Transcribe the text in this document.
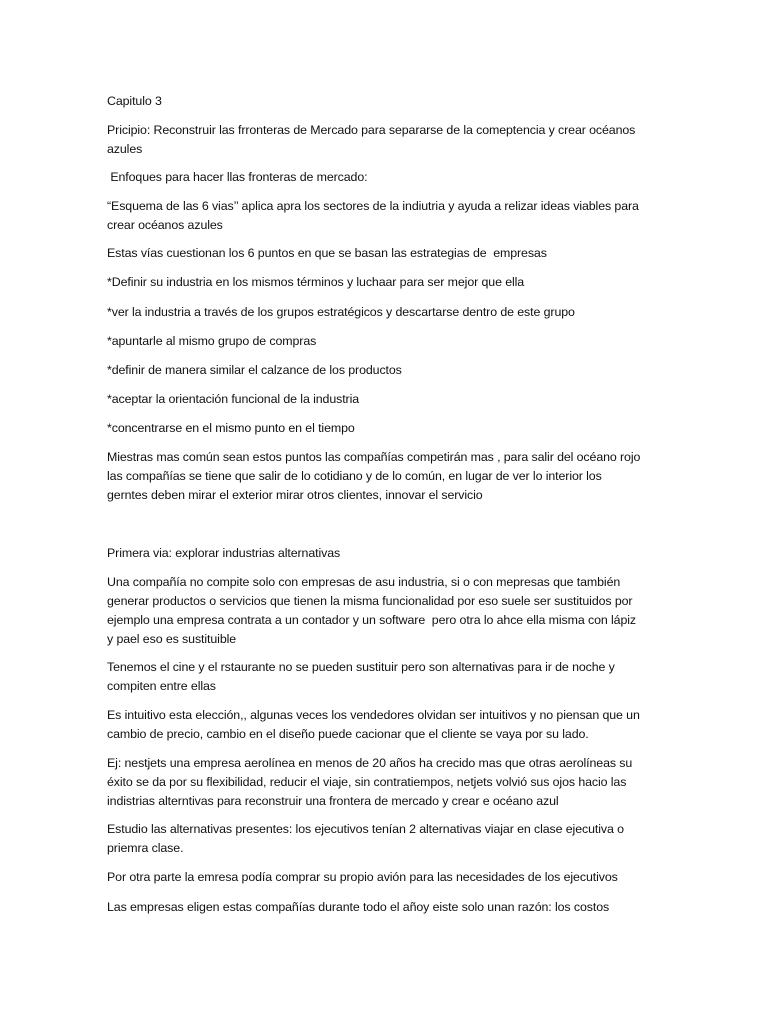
Capitulo 3

Pricipio: Reconstruir las frronteras de Mercado para separarse de la comeptencia y crear océanos
azules

Enfoques para hacer llas fronteras de mercado:

“Esquema de las 6 vias’’ aplica apra los sectores de la indiutria y ayuda a relizar ideas viables para
crear océanos azules

Estas vías cuestionan los 6 puntos en que se basan las estrategias de  empresas

*Definir su industria en los mismos términos y luchaar para ser mejor que ella

*ver la industria a través de los grupos estratégicos y descartarse dentro de este grupo

*apuntarle al mismo grupo de compras

*definir de manera similar el calzance de los productos

*aceptar la orientación funcional de la industria

*concentrarse en el mismo punto en el tiempo

Miestras mas común sean estos puntos las compañías competirán mas , para salir del océano rojo
las compañías se tiene que salir de lo cotidiano y de lo común, en lugar de ver lo interior los
gerntes deben mirar el exterior mirar otros clientes, innovar el servicio

Primera via: explorar industrias alternativas

Una compañía no compite solo con empresas de asu industria, si o con mepresas que también
generar productos o servicios que tienen la misma funcionalidad por eso suele ser sustituidos por
ejemplo una empresa contrata a un contador y un software  pero otra lo ahce ella misma con lápiz
y pael eso es sustituible

Tenemos el cine y el rstaurante no se pueden sustituir pero son alternativas para ir de noche y
compiten entre ellas

Es intuitivo esta elección,, algunas veces los vendedores olvidan ser intuitivos y no piensan que un
cambio de precio, cambio en el diseño puede cacionar que el cliente se vaya por su lado.

Ej: nestjets una empresa aerolínea en menos de 20 años ha crecido mas que otras aerolíneas su
éxito se da por su flexibilidad, reducir el viaje, sin contratiempos, netjets volvió sus ojos hacio las
indistrias alterntivas para reconstruir una frontera de mercado y crear e océano azul

Estudio las alternativas presentes: los ejecutivos tenían 2 alternativas viajar en clase ejecutiva o
priemra clase.

Por otra parte la emresa podía comprar su propio avión para las necesidades de los ejecutivos

Las empresas eligen estas compañías durante todo el añoy eiste solo unan razón: los costos
